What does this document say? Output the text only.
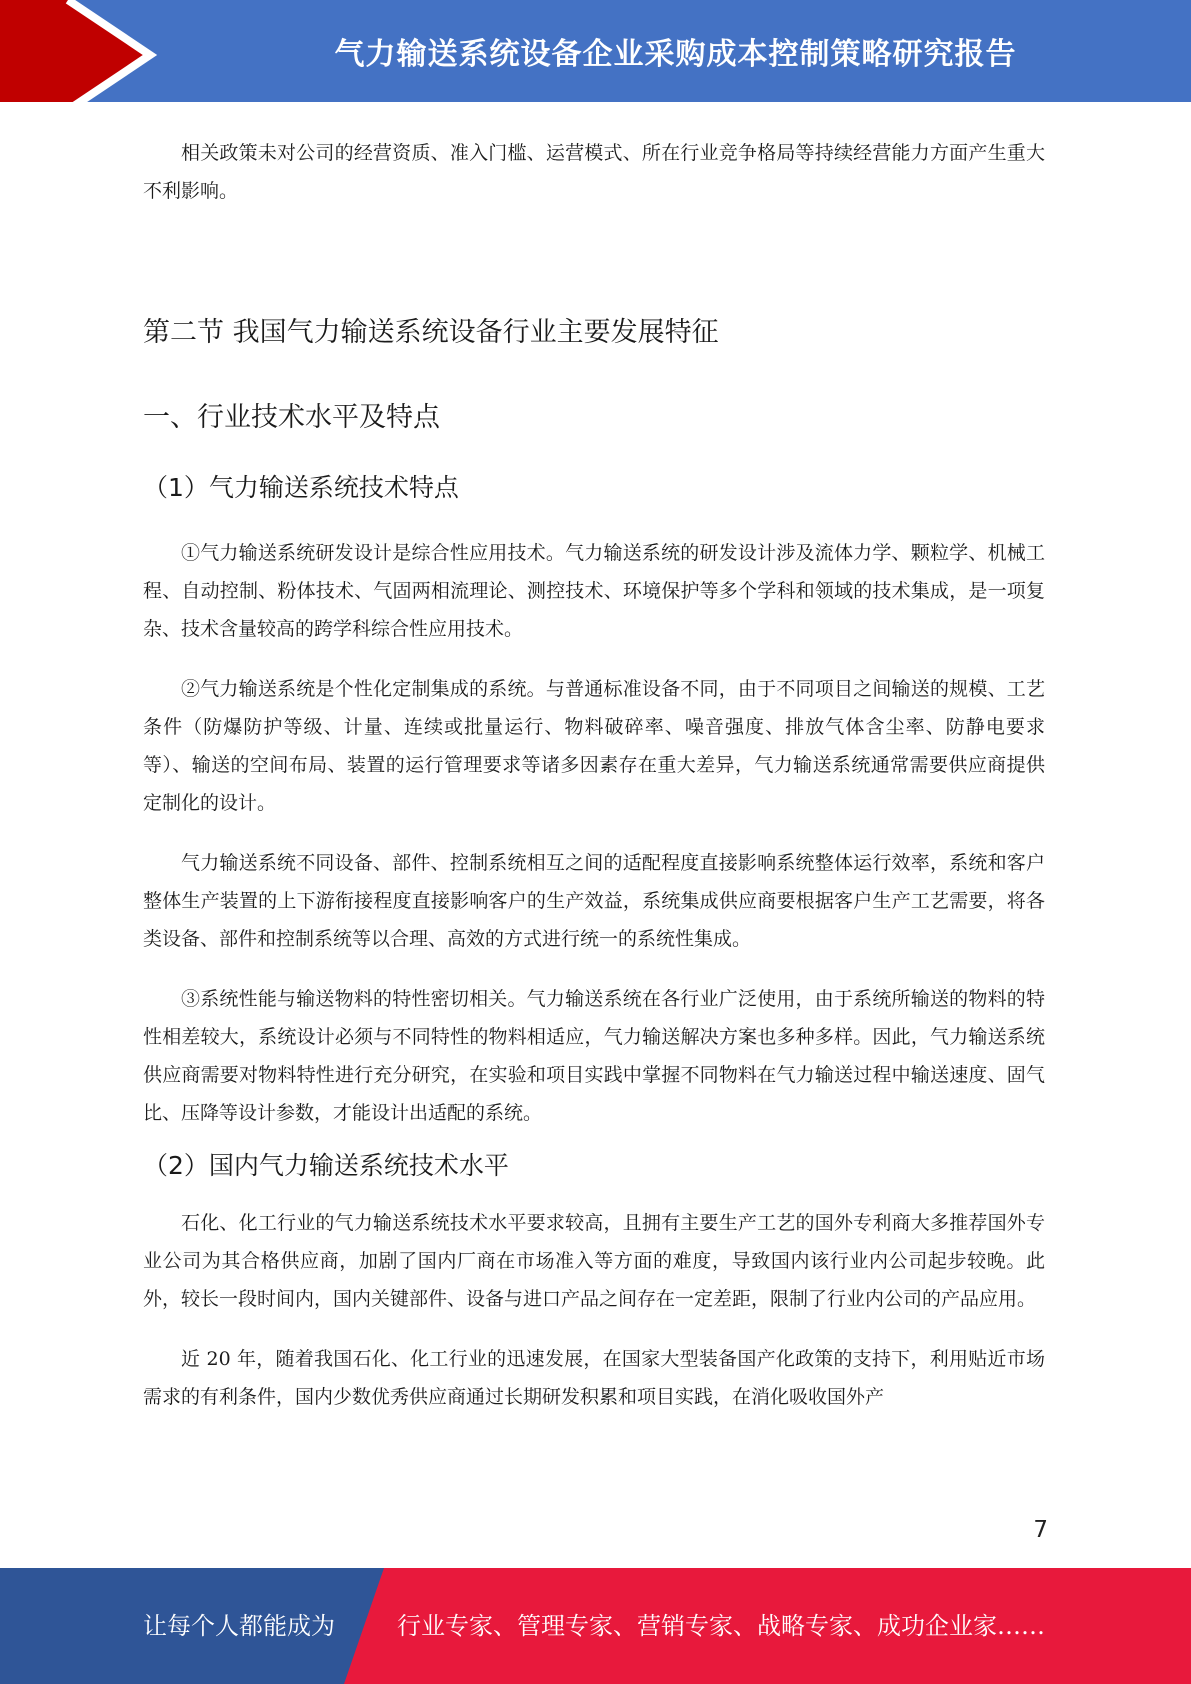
气力输送系统设备企业采购成本控制策略研究报告

相关政策未对公司的经营资质、准入门槛、运营模式、所在行业竞争格局等持续经营能力方面产生重大不利影响。

第二节 我国气力输送系统设备行业主要发展特征
一、行业技术水平及特点
（1）气力输送系统技术特点

①气力输送系统研发设计是综合性应用技术。气力输送系统的研发设计涉及流体力学、颗粒学、机械工程、自动控制、粉体技术、气固两相流理论、测控技术、环境保护等多个学科和领域的技术集成，是一项复杂、技术含量较高的跨学科综合性应用技术。

②气力输送系统是个性化定制集成的系统。与普通标准设备不同，由于不同项目之间输送的规模、工艺条件（防爆防护等级、计量、连续或批量运行、物料破碎率、噪音强度、排放气体含尘率、防静电要求等）、输送的空间布局、装置的运行管理要求等诸多因素存在重大差异，气力输送系统通常需要供应商提供定制化的设计。

气力输送系统不同设备、部件、控制系统相互之间的适配程度直接影响系统整体运行效率，系统和客户整体生产装置的上下游衔接程度直接影响客户的生产效益，系统集成供应商要根据客户生产工艺需要，将各类设备、部件和控制系统等以合理、高效的方式进行统一的系统性集成。

③系统性能与输送物料的特性密切相关。气力输送系统在各行业广泛使用，由于系统所输送的物料的特性相差较大，系统设计必须与不同特性的物料相适应，气力输送解决方案也多种多样。因此，气力输送系统供应商需要对物料特性进行充分研究，在实验和项目实践中掌握不同物料在气力输送过程中输送速度、固气比、压降等设计参数，才能设计出适配的系统。

（2）国内气力输送系统技术水平

石化、化工行业的气力输送系统技术水平要求较高，且拥有主要生产工艺的国外专利商大多推荐国外专业公司为其合格供应商，加剧了国内厂商在市场准入等方面的难度，导致国内该行业内公司起步较晚。此外，较长一段时间内，国内关键部件、设备与进口产品之间存在一定差距，限制了行业内公司的产品应用。

近 20 年，随着我国石化、化工行业的迅速发展，在国家大型装备国产化政策的支持下，利用贴近市场需求的有利条件，国内少数优秀供应商通过长期研发积累和项目实践，在消化吸收国外产

7
让每个人都能成为	行业专家、管理专家、营销专家、战略专家、成功企业家……
